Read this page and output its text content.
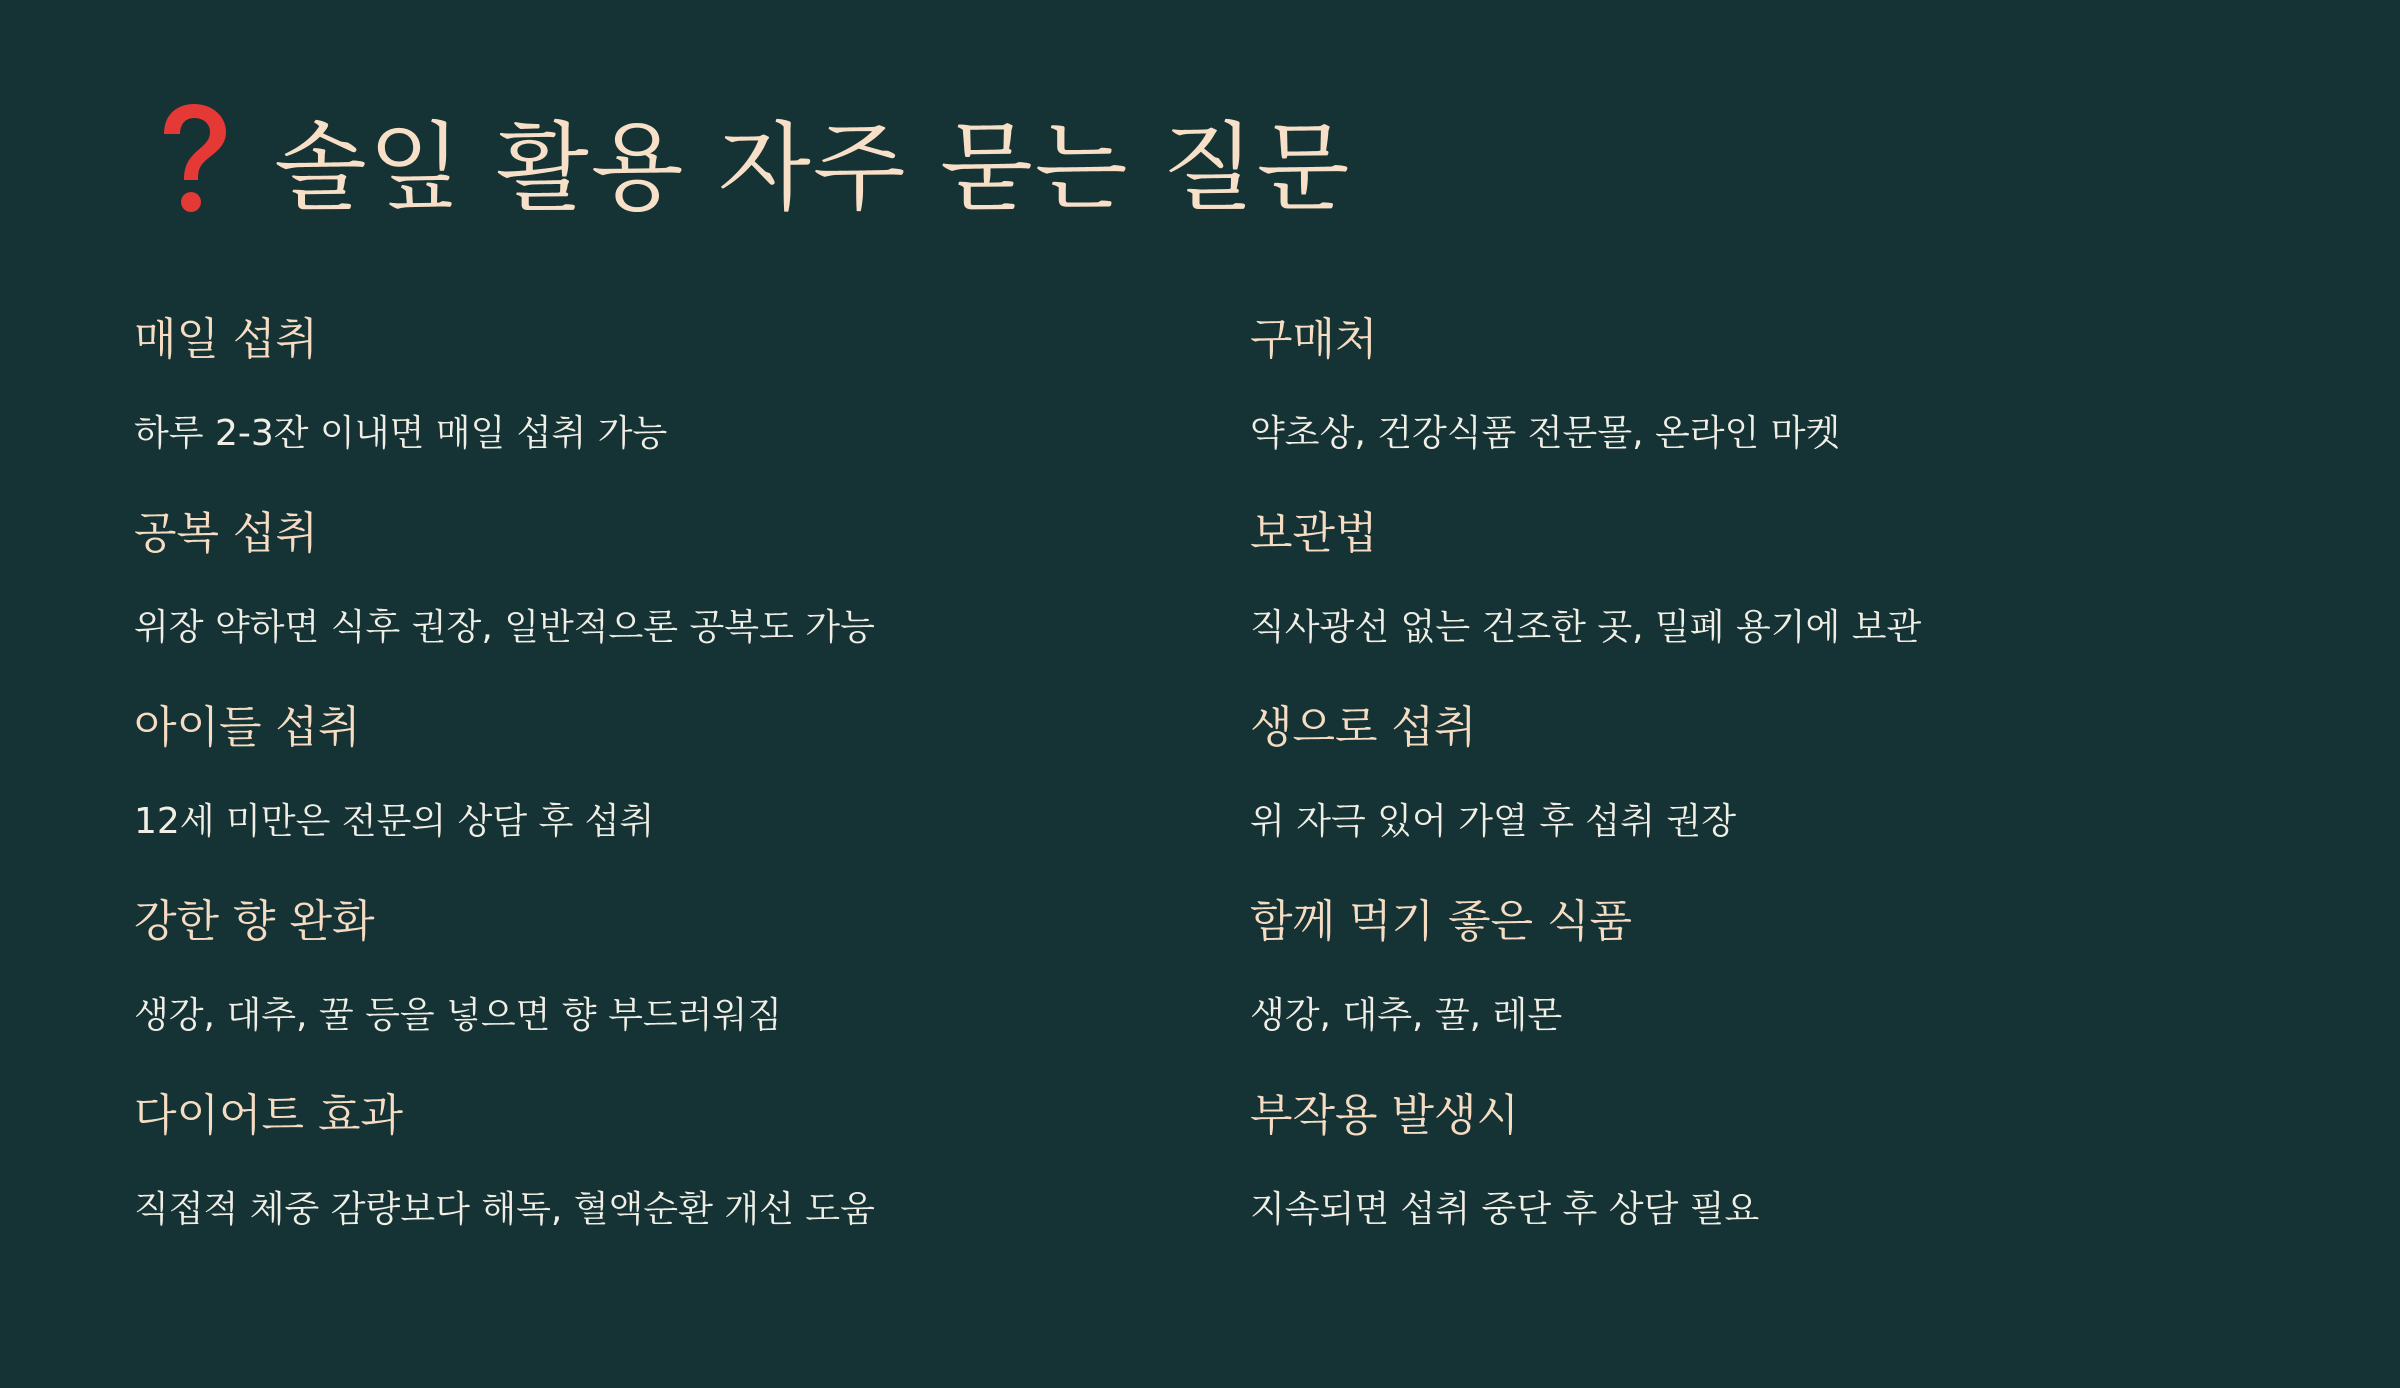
솔잎 활용 자주 묻는 질문
매일 섭취
하루 2-3잔 이내면 매일 섭취 가능
공복 섭취
위장 약하면 식후 권장, 일반적으론 공복도 가능
아이들 섭취
12세 미만은 전문의 상담 후 섭취
강한 향 완화
생강, 대추, 꿀 등을 넣으면 향 부드러워짐
다이어트 효과
직접적 체중 감량보다 해독, 혈액순환 개선 도움
구매처
약초상, 건강식품 전문몰, 온라인 마켓
보관법
직사광선 없는 건조한 곳, 밀폐 용기에 보관
생으로 섭취
위 자극 있어 가열 후 섭취 권장
함께 먹기 좋은 식품
생강, 대추, 꿀, 레몬
부작용 발생시
지속되면 섭취 중단 후 상담 필요
